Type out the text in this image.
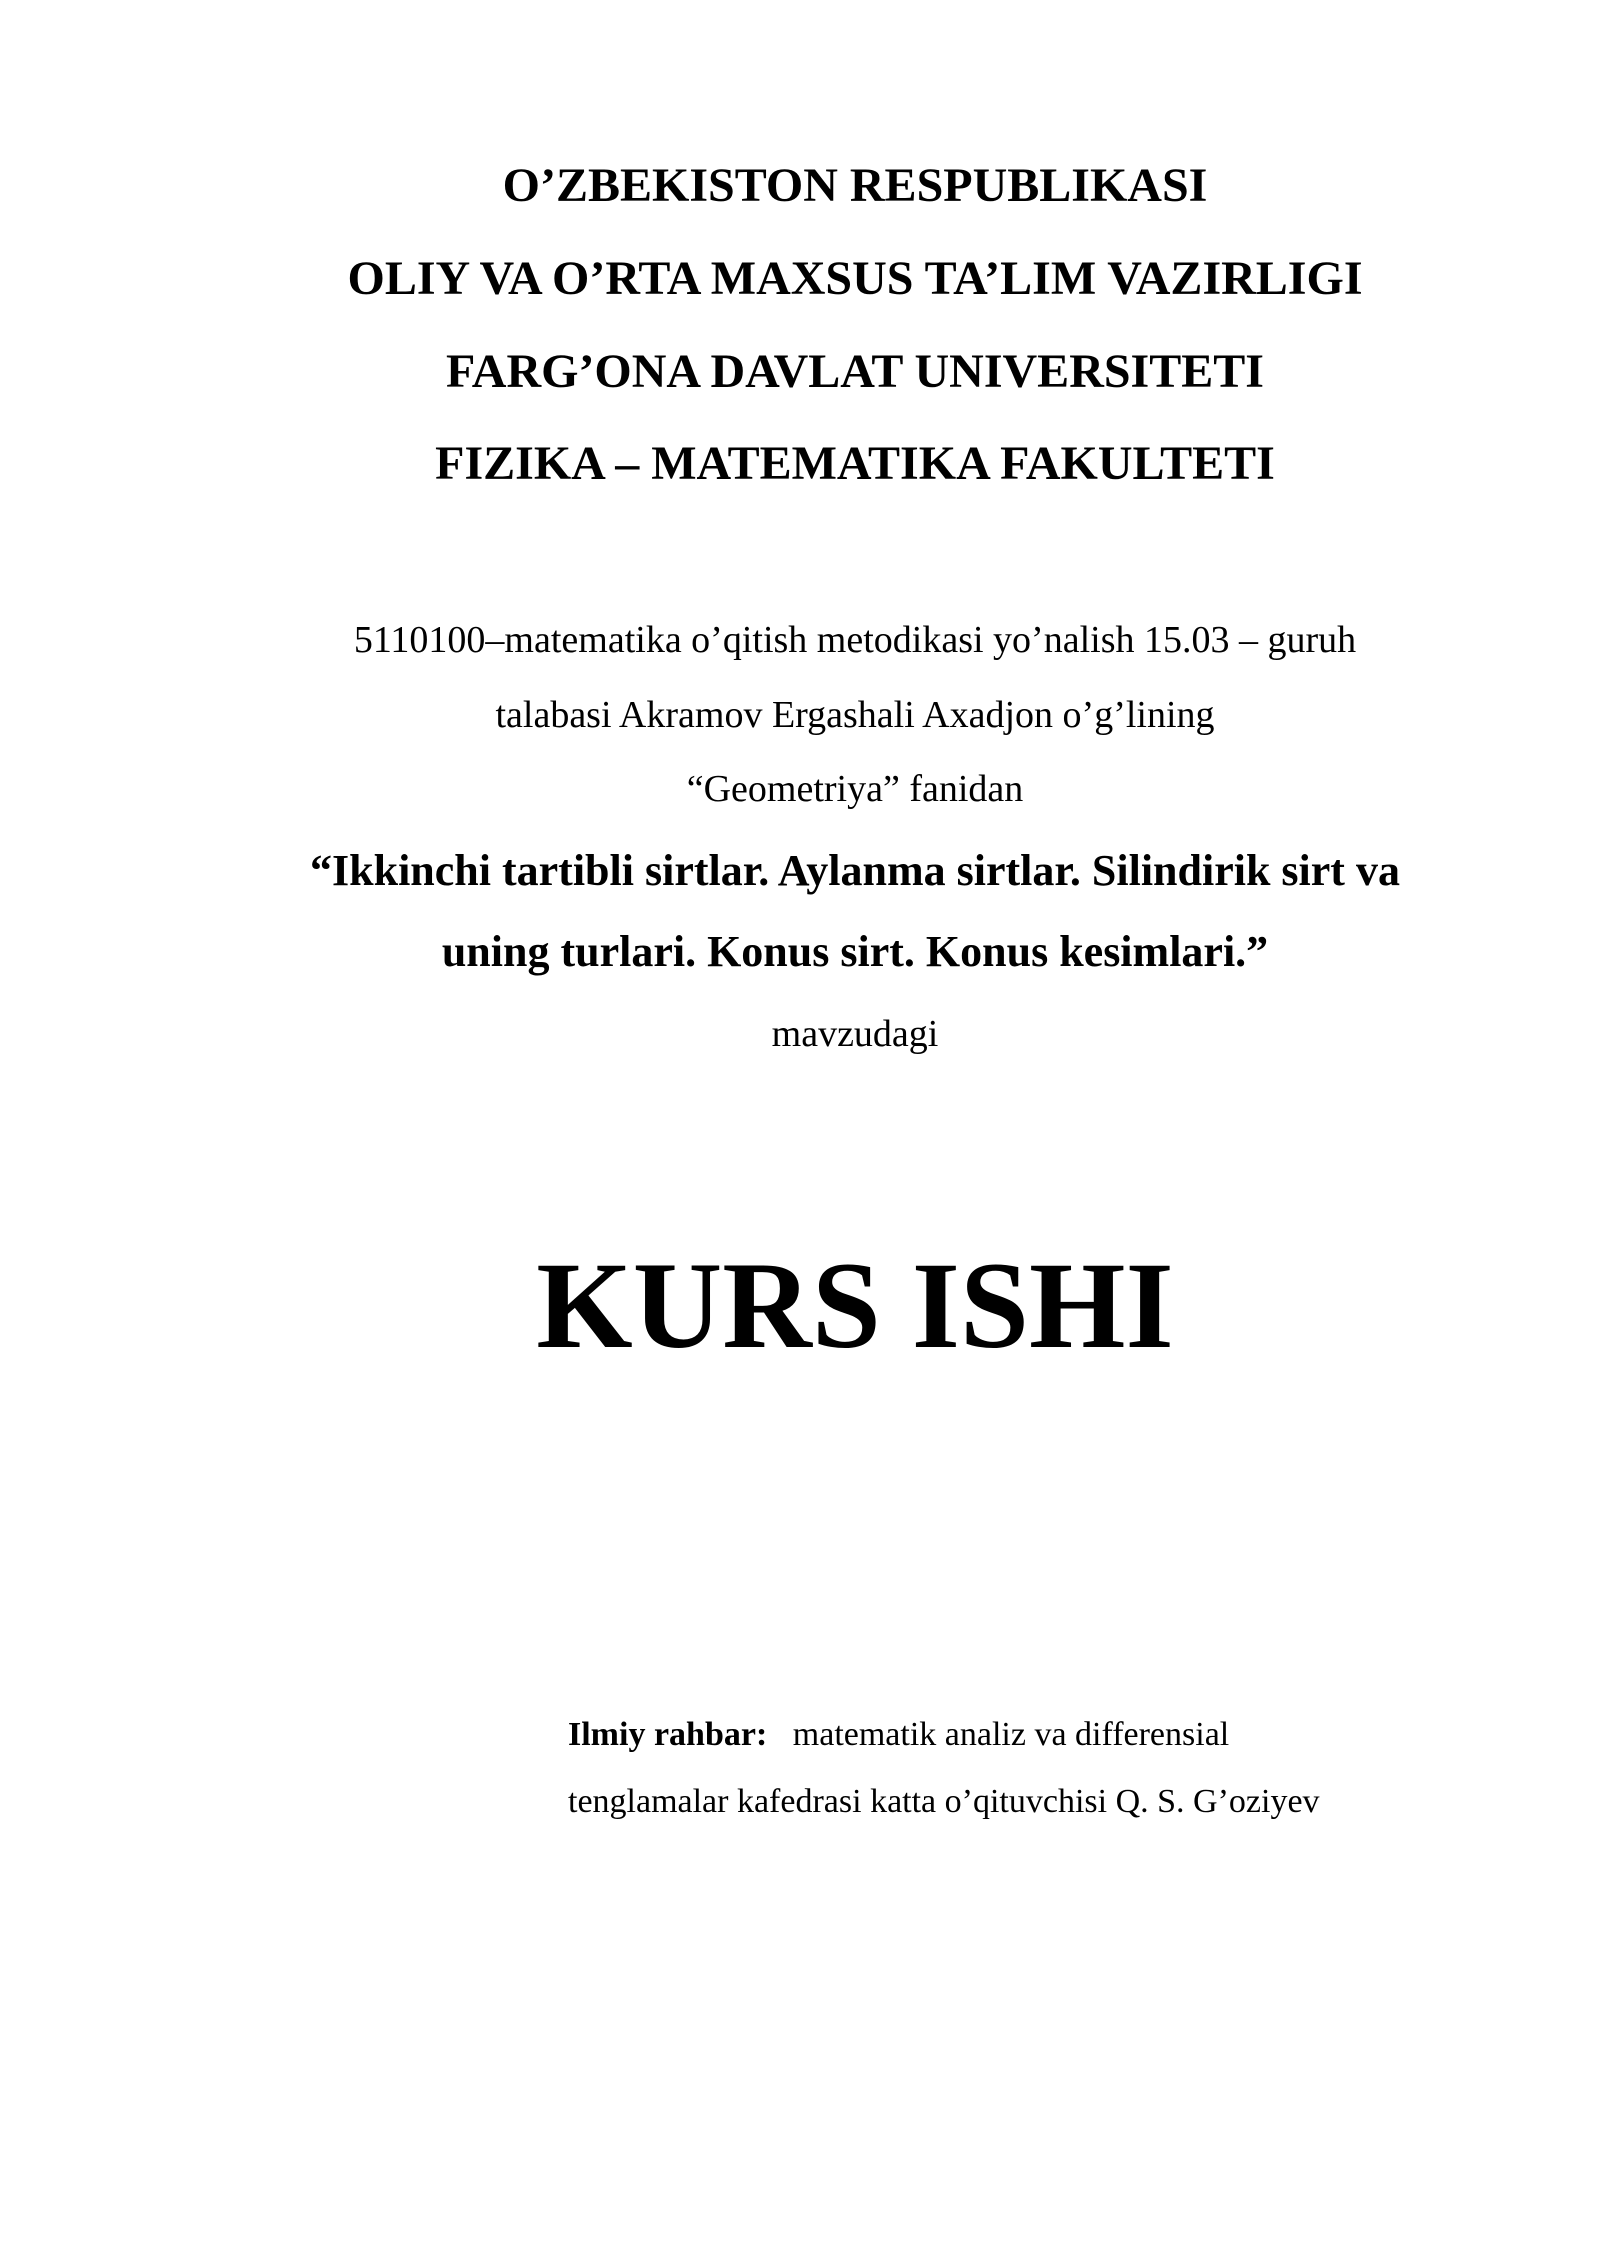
O’ZBEKISTON RESPUBLIKASI
OLIY VA O’RTA MAXSUS TA’LIM VAZIRLIGI
FARG’ONA DAVLAT UNIVERSITETI
FIZIKA – MATEMATIKA FAKULTETI
5110100–matematika o’qitish metodikasi yo’nalish 15.03 – guruh
talabasi Akramov Ergashali Axadjon o’g’lining
“Geometriya” fanidan
“Ikkinchi tartibli sirtlar. Aylanma sirtlar. Silindirik sirt va
uning turlari. Konus sirt. Konus kesimlari.”
mavzudagi
KURS ISHI
Ilmiy rahbar: matematik analiz va differensial
tenglamalar kafedrasi katta o’qituvchisi Q. S. G’oziyev
